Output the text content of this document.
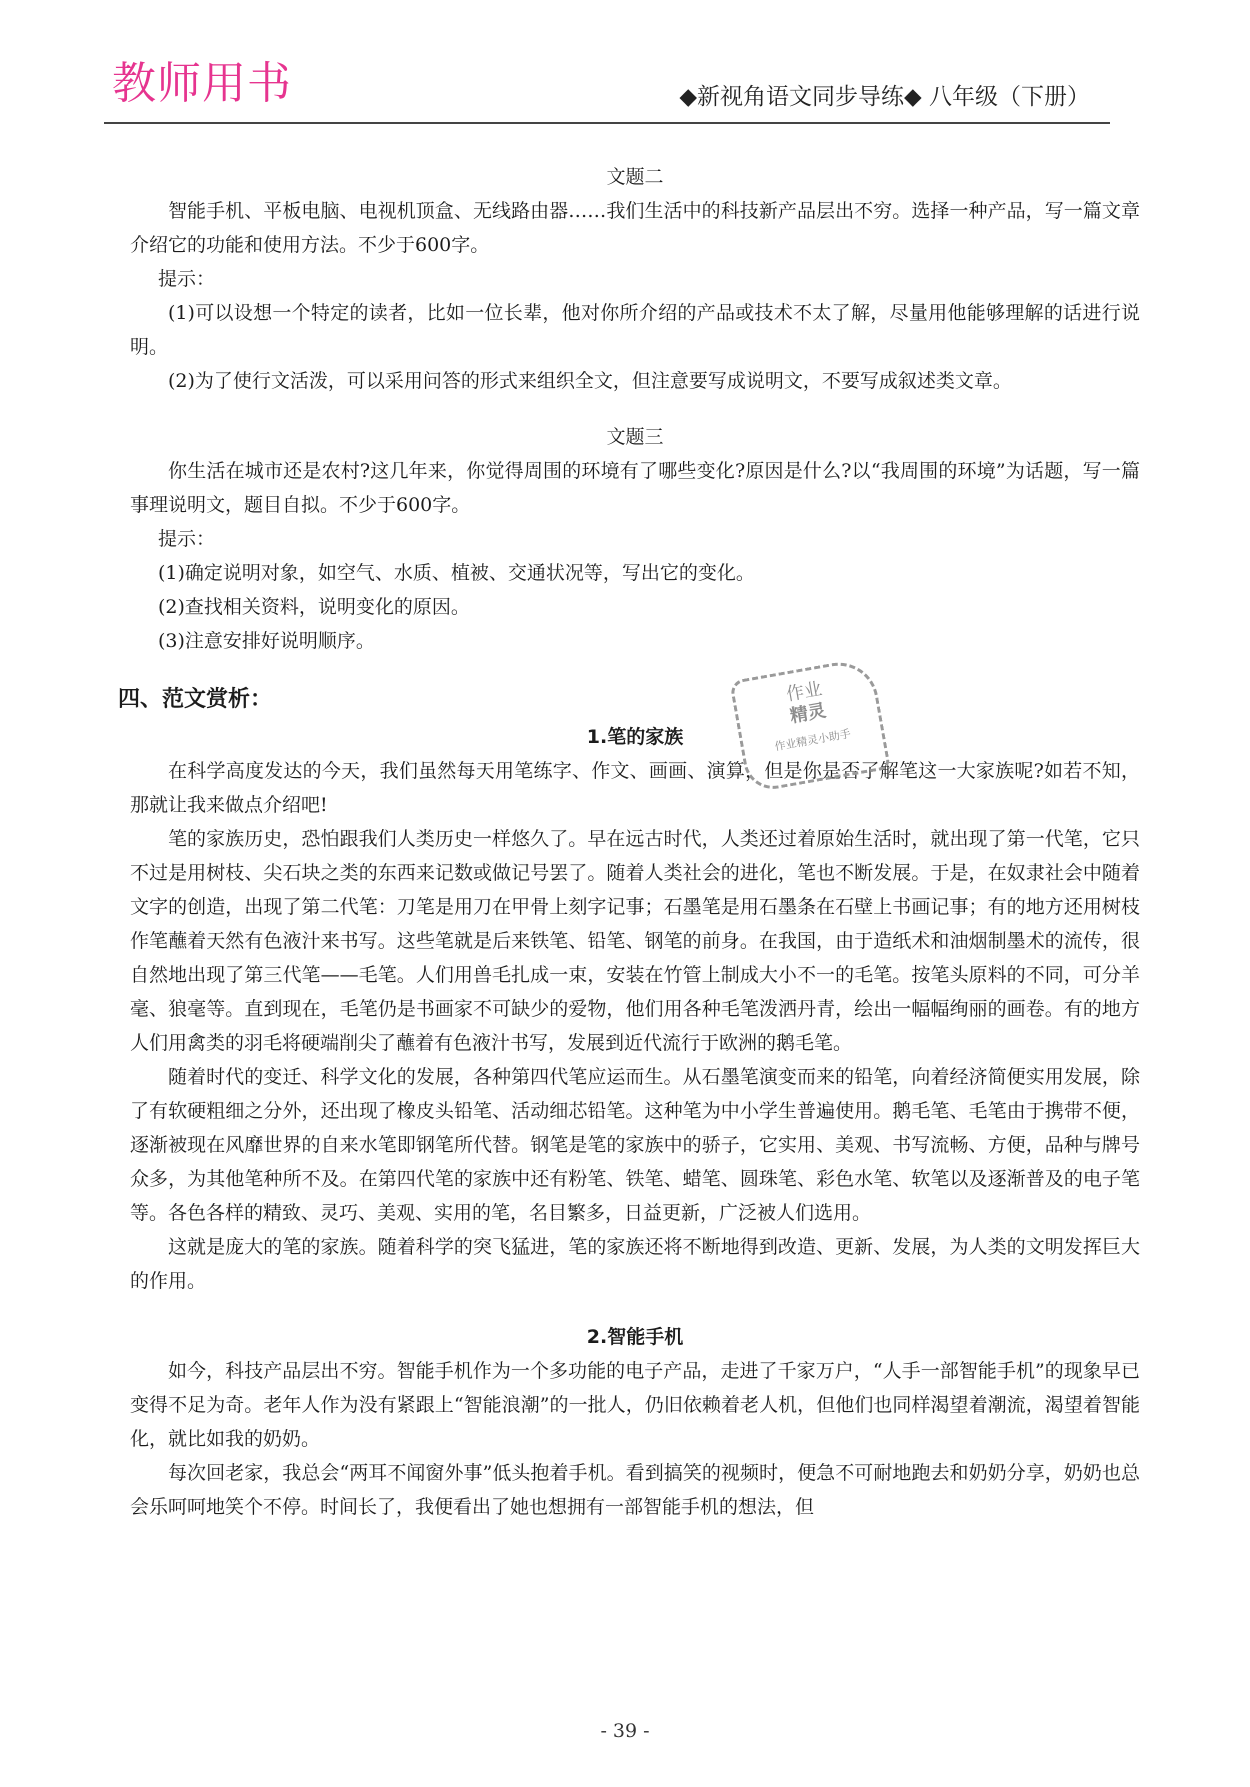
教师用书	◆新视角语文同步导练◆ 八年级（下册）
文题二

智能手机、平板电脑、电视机顶盒、无线路由器……我们生活中的科技新产品层出不穷。选择一种产品，写一篇文章介绍它的功能和使用方法。不少于600字。

提示：

(1)可以设想一个特定的读者，比如一位长辈，他对你所介绍的产品或技术不太了解，尽量用他能够理解的话进行说明。

(2)为了使行文活泼，可以采用问答的形式来组织全文，但注意要写成说明文，不要写成叙述类文章。

文题三

你生活在城市还是农村?这几年来，你觉得周围的环境有了哪些变化?原因是什么?以“我周围的环境”为话题，写一篇事理说明文，题目自拟。不少于600字。

提示：

(1)确定说明对象，如空气、水质、植被、交通状况等，写出它的变化。

(2)查找相关资料，说明变化的原因。

(3)注意安排好说明顺序。

四、范文赏析：
1.笔的家族

在科学高度发达的今天，我们虽然每天用笔练字、作文、画画、演算，但是你是否了解笔这一大家族呢?如若不知，那就让我来做点介绍吧!

笔的家族历史，恐怕跟我们人类历史一样悠久了。早在远古时代，人类还过着原始生活时，就出现了第一代笔，它只不过是用树枝、尖石块之类的东西来记数或做记号罢了。随着人类社会的进化，笔也不断发展。于是，在奴隶社会中随着文字的创造，出现了第二代笔：刀笔是用刀在甲骨上刻字记事；石墨笔是用石墨条在石壁上书画记事；有的地方还用树枝作笔蘸着天然有色液汁来书写。这些笔就是后来铁笔、铅笔、钢笔的前身。在我国，由于造纸术和油烟制墨术的流传，很自然地出现了第三代笔——毛笔。人们用兽毛扎成一束，安装在竹管上制成大小不一的毛笔。按笔头原料的不同，可分羊毫、狼毫等。直到现在，毛笔仍是书画家不可缺少的爱物，他们用各种毛笔泼洒丹青，绘出一幅幅绚丽的画卷。有的地方人们用禽类的羽毛将硬端削尖了蘸着有色液汁书写，发展到近代流行于欧洲的鹅毛笔。

随着时代的变迁、科学文化的发展，各种第四代笔应运而生。从石墨笔演变而来的铅笔，向着经济简便实用发展，除了有软硬粗细之分外，还出现了橡皮头铅笔、活动细芯铅笔。这种笔为中小学生普遍使用。鹅毛笔、毛笔由于携带不便，逐渐被现在风靡世界的自来水笔即钢笔所代替。钢笔是笔的家族中的骄子，它实用、美观、书写流畅、方便，品种与牌号众多，为其他笔种所不及。在第四代笔的家族中还有粉笔、铁笔、蜡笔、圆珠笔、彩色水笔、软笔以及逐渐普及的电子笔等。各色各样的精致、灵巧、美观、实用的笔，名目繁多，日益更新，广泛被人们选用。

这就是庞大的笔的家族。随着科学的突飞猛进，笔的家族还将不断地得到改造、更新、发展，为人类的文明发挥巨大的作用。

2.智能手机

如今，科技产品层出不穷。智能手机作为一个多功能的电子产品，走进了千家万户，“人手一部智能手机”的现象早已变得不足为奇。老年人作为没有紧跟上“智能浪潮”的一批人，仍旧依赖着老人机，但他们也同样渴望着潮流，渴望着智能化，就比如我的奶奶。

每次回老家，我总会“两耳不闻窗外事”低头抱着手机。看到搞笑的视频时，便急不可耐地跑去和奶奶分享，奶奶也总会乐呵呵地笑个不停。时间长了，我便看出了她也想拥有一部智能手机的想法，但

作业
精灵
作业精灵小助手
- 39 -
